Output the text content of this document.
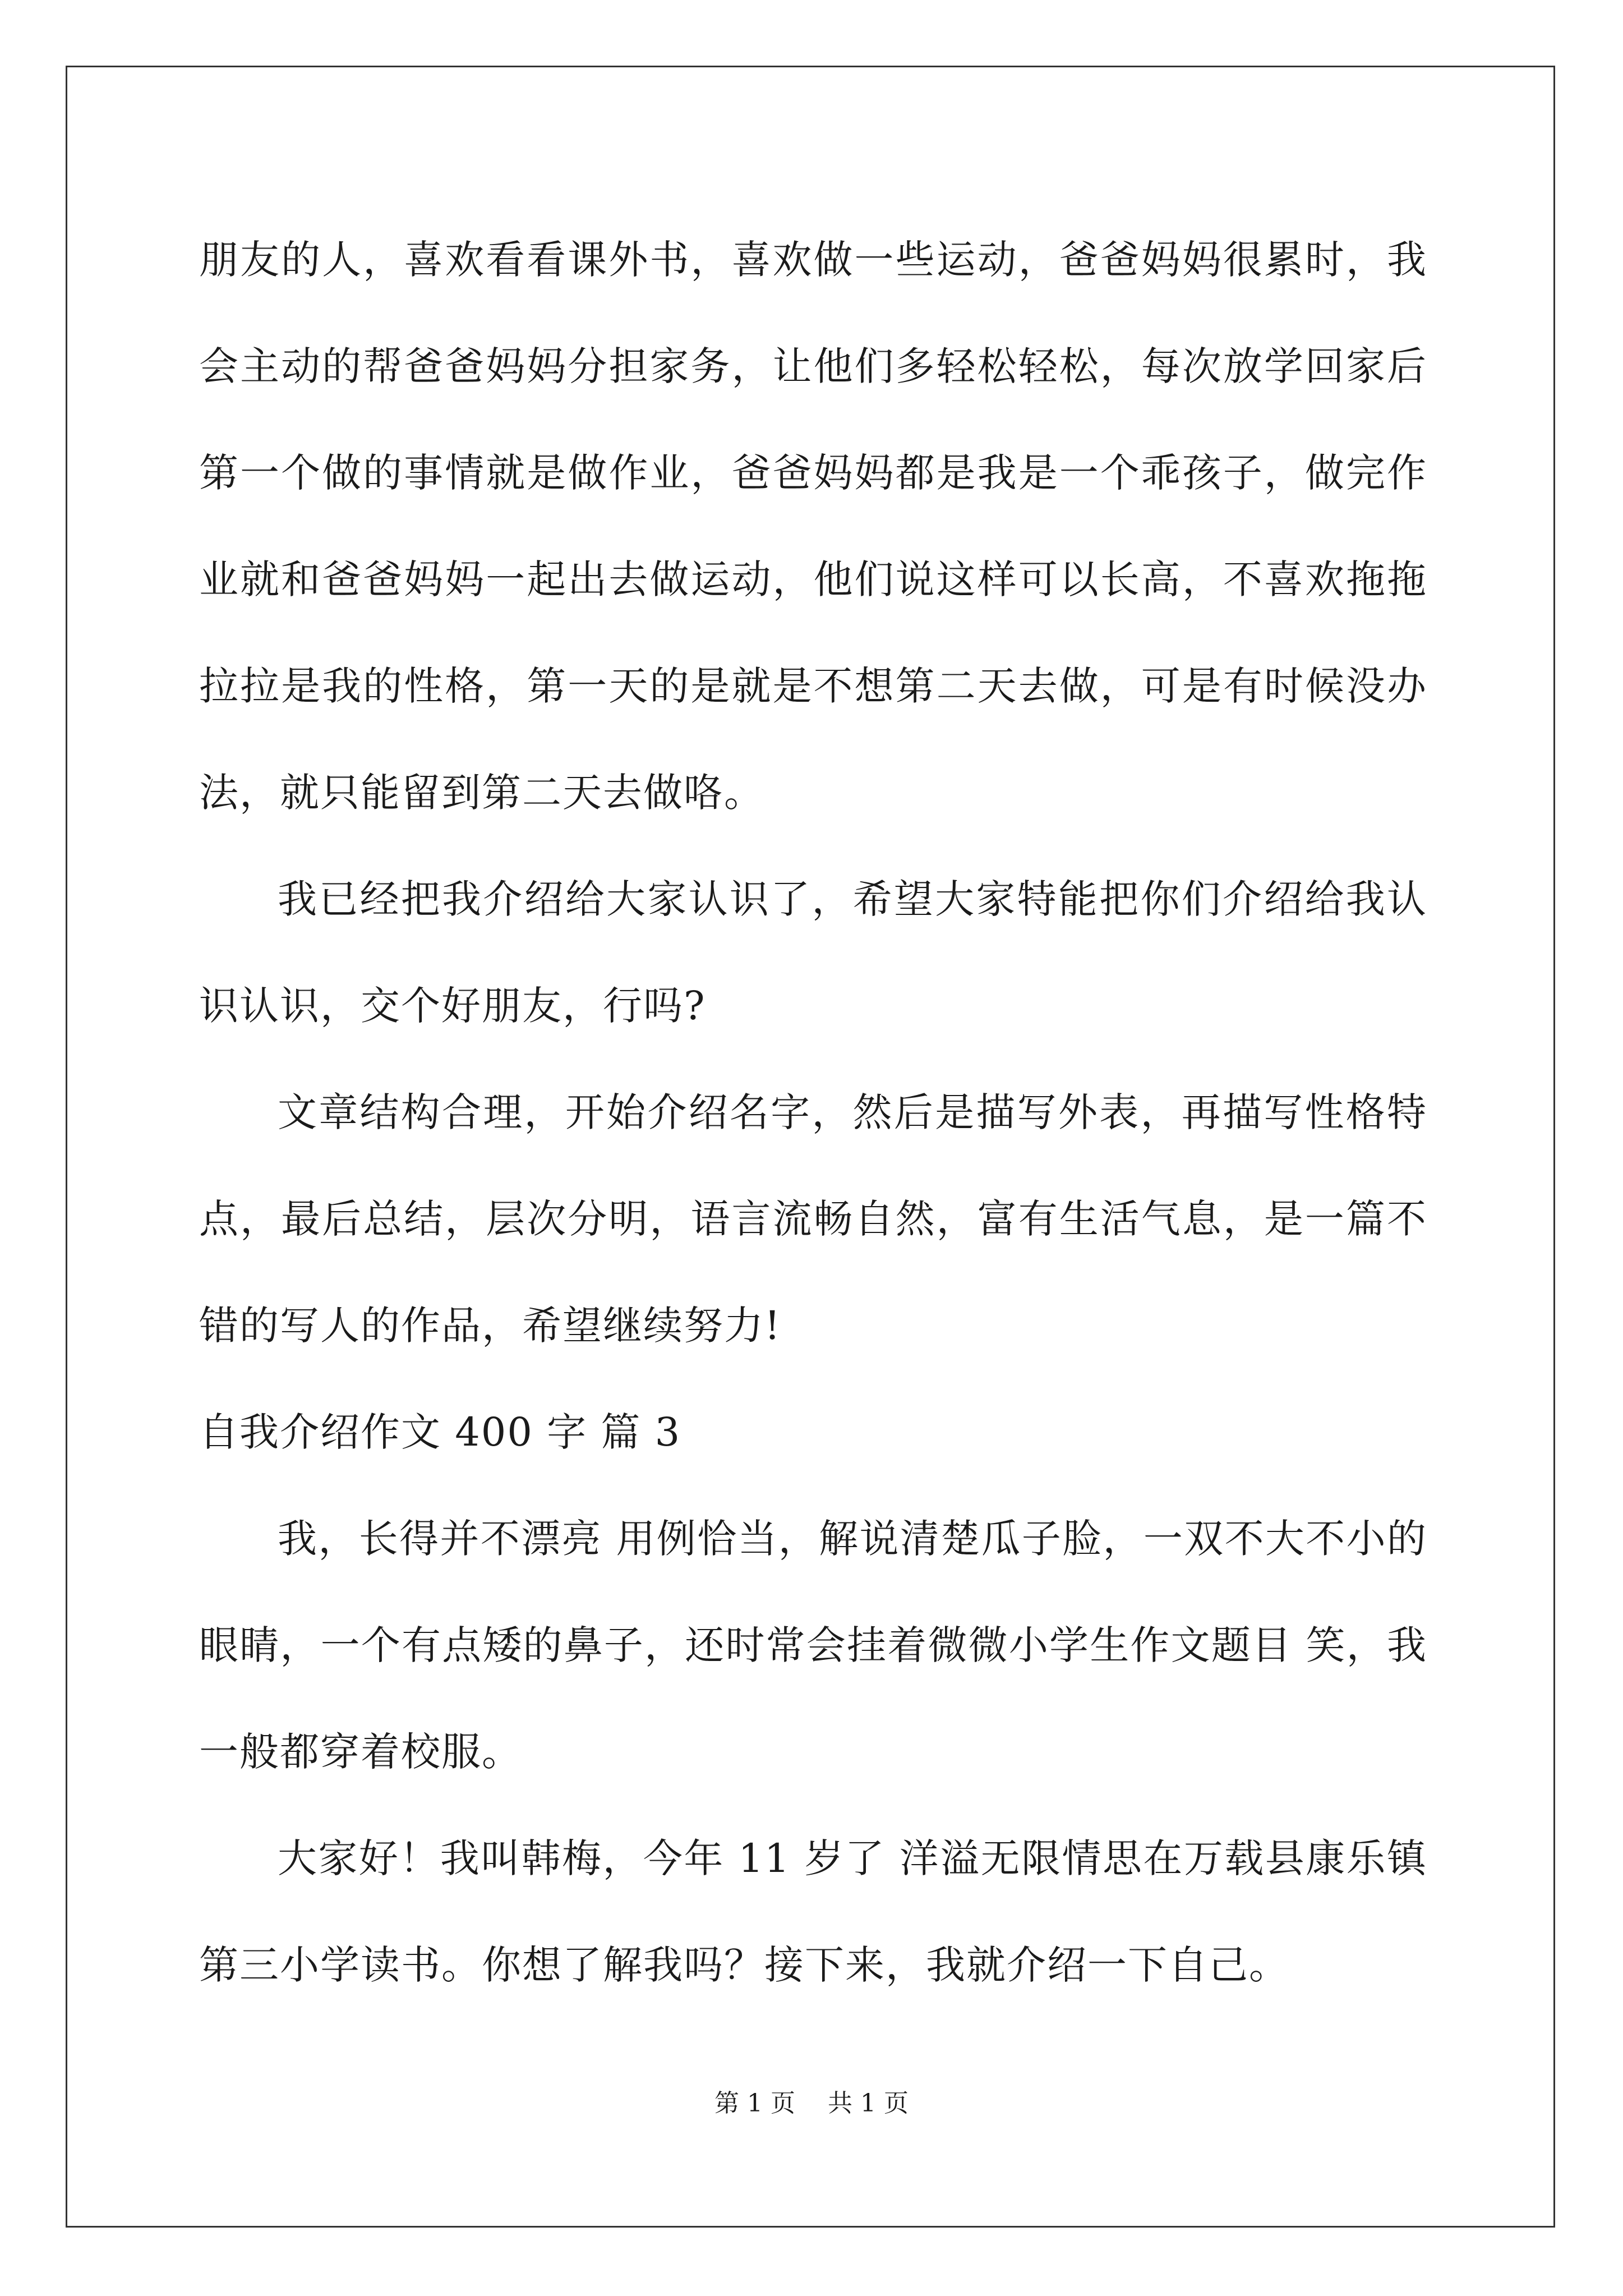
朋友的人，喜欢看看课外书，喜欢做一些运动，爸爸妈妈很累时，我会主动的帮爸爸妈妈分担家务，让他们多轻松轻松，每次放学回家后第一个做的事情就是做作业，爸爸妈妈都是我是一个乖孩子，做完作业就和爸爸妈妈一起出去做运动，他们说这样可以长高，不喜欢拖拖拉拉是我的性格，第一天的是就是不想第二天去做，可是有时候没办法，就只能留到第二天去做咯。

我已经把我介绍给大家认识了，希望大家特能把你们介绍给我认识认识，交个好朋友，行吗?

文章结构合理，开始介绍名字，然后是描写外表，再描写性格特点，最后总结，层次分明，语言流畅自然，富有生活气息，是一篇不错的写人的作品，希望继续努力!

自我介绍作文 400 字 篇 3

我，长得并不漂亮 用例恰当，解说清楚瓜子脸，一双不大不小的眼睛，一个有点矮的鼻子，还时常会挂着微微小学生作文题目 笑，我一般都穿着校服。

大家好！我叫韩梅，今年 11 岁了 洋溢无限情思在万载县康乐镇第三小学读书。你想了解我吗？接下来，我就介绍一下自己。

第 1 页 共 1 页
